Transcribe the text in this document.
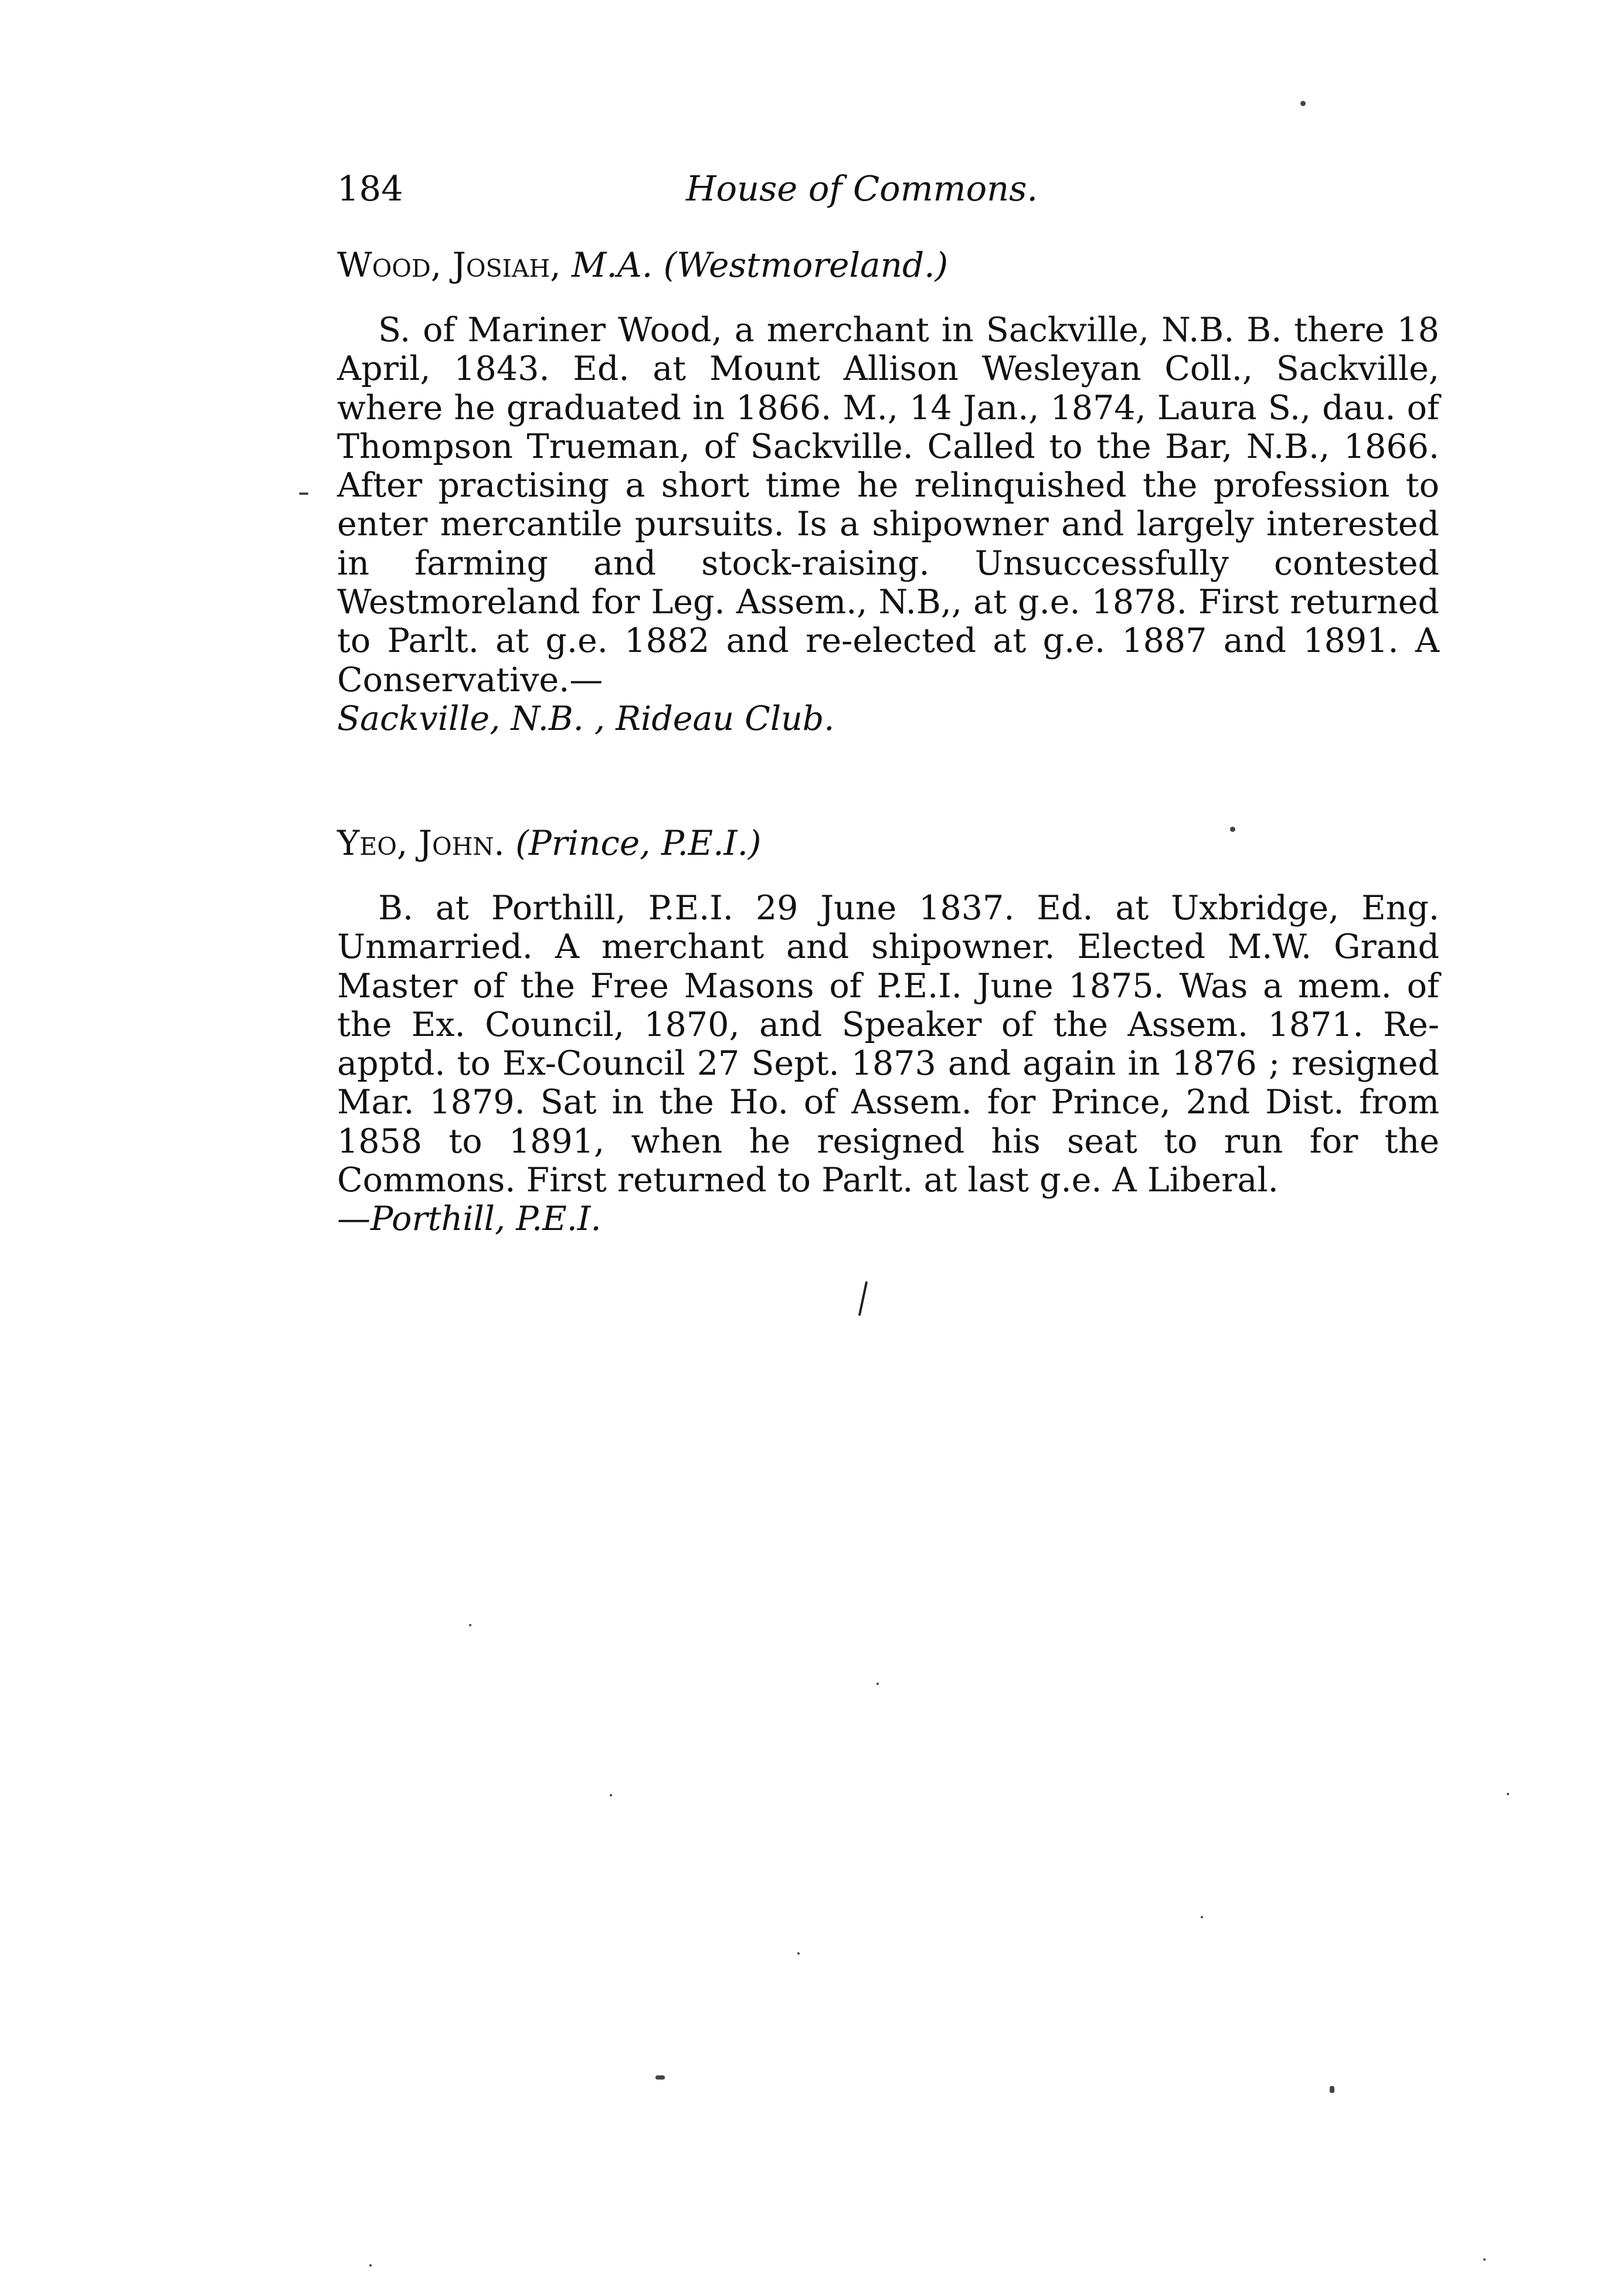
184	House of Commons.

Wood, Josiah, M.A. (Westmoreland.)

S. of Mariner Wood, a merchant in Sackville, N.B. B. there 18 April, 1843. Ed. at Mount Allison Wesleyan Coll., Sackville, where he graduated in 1866. M., 14 Jan., 1874, Laura S., dau. of Thompson Trueman, of Sackville. Called to the Bar, N.B., 1866. After practising a short time he relinquished the profession to enter mercantile pursuits. Is a shipowner and largely interested in farming and stock-raising. Unsuccessfully contested Westmoreland for Leg. Assem., N.B,, at g.e. 1878. First returned to Parlt. at g.e. 1882 and re-elected at g.e. 1887 and 1891. A Conservative.—
Sackville, N.B. , Rideau Club.

Yeo, John. (Prince, P.E.I.)

B. at Porthill, P.E.I. 29 June 1837. Ed. at Uxbridge, Eng. Unmarried. A merchant and shipowner. Elected M.W. Grand Master of the Free Masons of P.E.I. June 1875. Was a mem. of the Ex. Council, 1870, and Speaker of the Assem. 1871. Re-apptd. to Ex-Council 27 Sept. 1873 and again in 1876 ; resigned Mar. 1879. Sat in the Ho. of Assem. for Prince, 2nd Dist. from 1858 to 1891, when he resigned his seat to run for the Commons. First returned to Parlt. at last g.e. A Liberal.
—Porthill, P.E.I.
